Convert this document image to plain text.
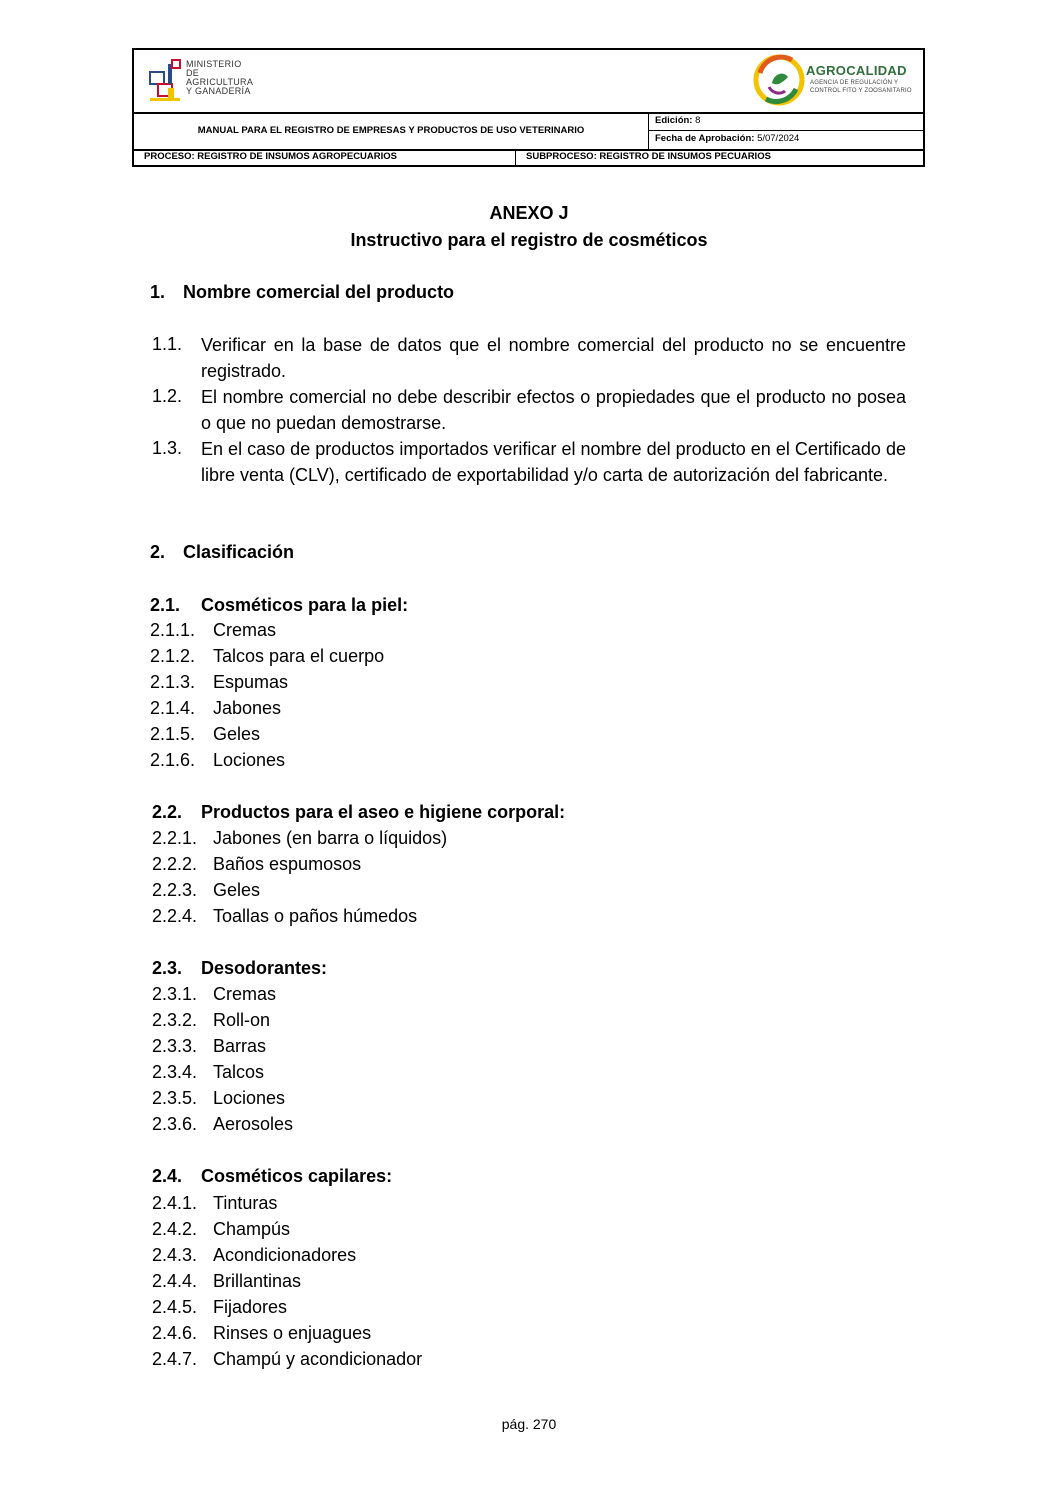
MINISTERIO
DE AGRICULTURA
Y GANADERÍA
AGROCALIDAD
AGENCIA DE REGULACIÓN Y
CONTROL FITO Y ZOOSANITARIO
MANUAL PARA EL REGISTRO DE EMPRESAS Y PRODUCTOS DE USO VETERINARIO
Edición: 8
Fecha de Aprobación: 5/07/2024
PROCESO: REGISTRO DE INSUMOS AGROPECUARIOS	SUBPROCESO: REGISTRO DE INSUMOS PECUARIOS
ANEXO J
Instructivo para el registro de cosméticos
1. Nombre comercial del producto
1.1. Verificar en la base de datos que el nombre comercial del producto no se encuentre registrado.
1.2. El nombre comercial no debe describir efectos o propiedades que el producto no posea o que no puedan demostrarse.
1.3. En el caso de productos importados verificar el nombre del producto en el Certificado de libre venta (CLV), certificado de exportabilidad y/o carta de autorización del fabricante.
2. Clasificación
2.1. Cosméticos para la piel:
2.1.1. Cremas
2.1.2. Talcos para el cuerpo
2.1.3. Espumas
2.1.4. Jabones
2.1.5. Geles
2.1.6. Lociones
2.2. Productos para el aseo e higiene corporal:
2.2.1. Jabones (en barra o líquidos)
2.2.2. Baños espumosos
2.2.3. Geles
2.2.4. Toallas o paños húmedos
2.3. Desodorantes:
2.3.1. Cremas
2.3.2. Roll-on
2.3.3. Barras
2.3.4. Talcos
2.3.5. Lociones
2.3.6. Aerosoles
2.4. Cosméticos capilares:
2.4.1. Tinturas
2.4.2. Champús
2.4.3. Acondicionadores
2.4.4. Brillantinas
2.4.5. Fijadores
2.4.6. Rinses o enjuagues
2.4.7. Champú y acondicionador
pág. 270
